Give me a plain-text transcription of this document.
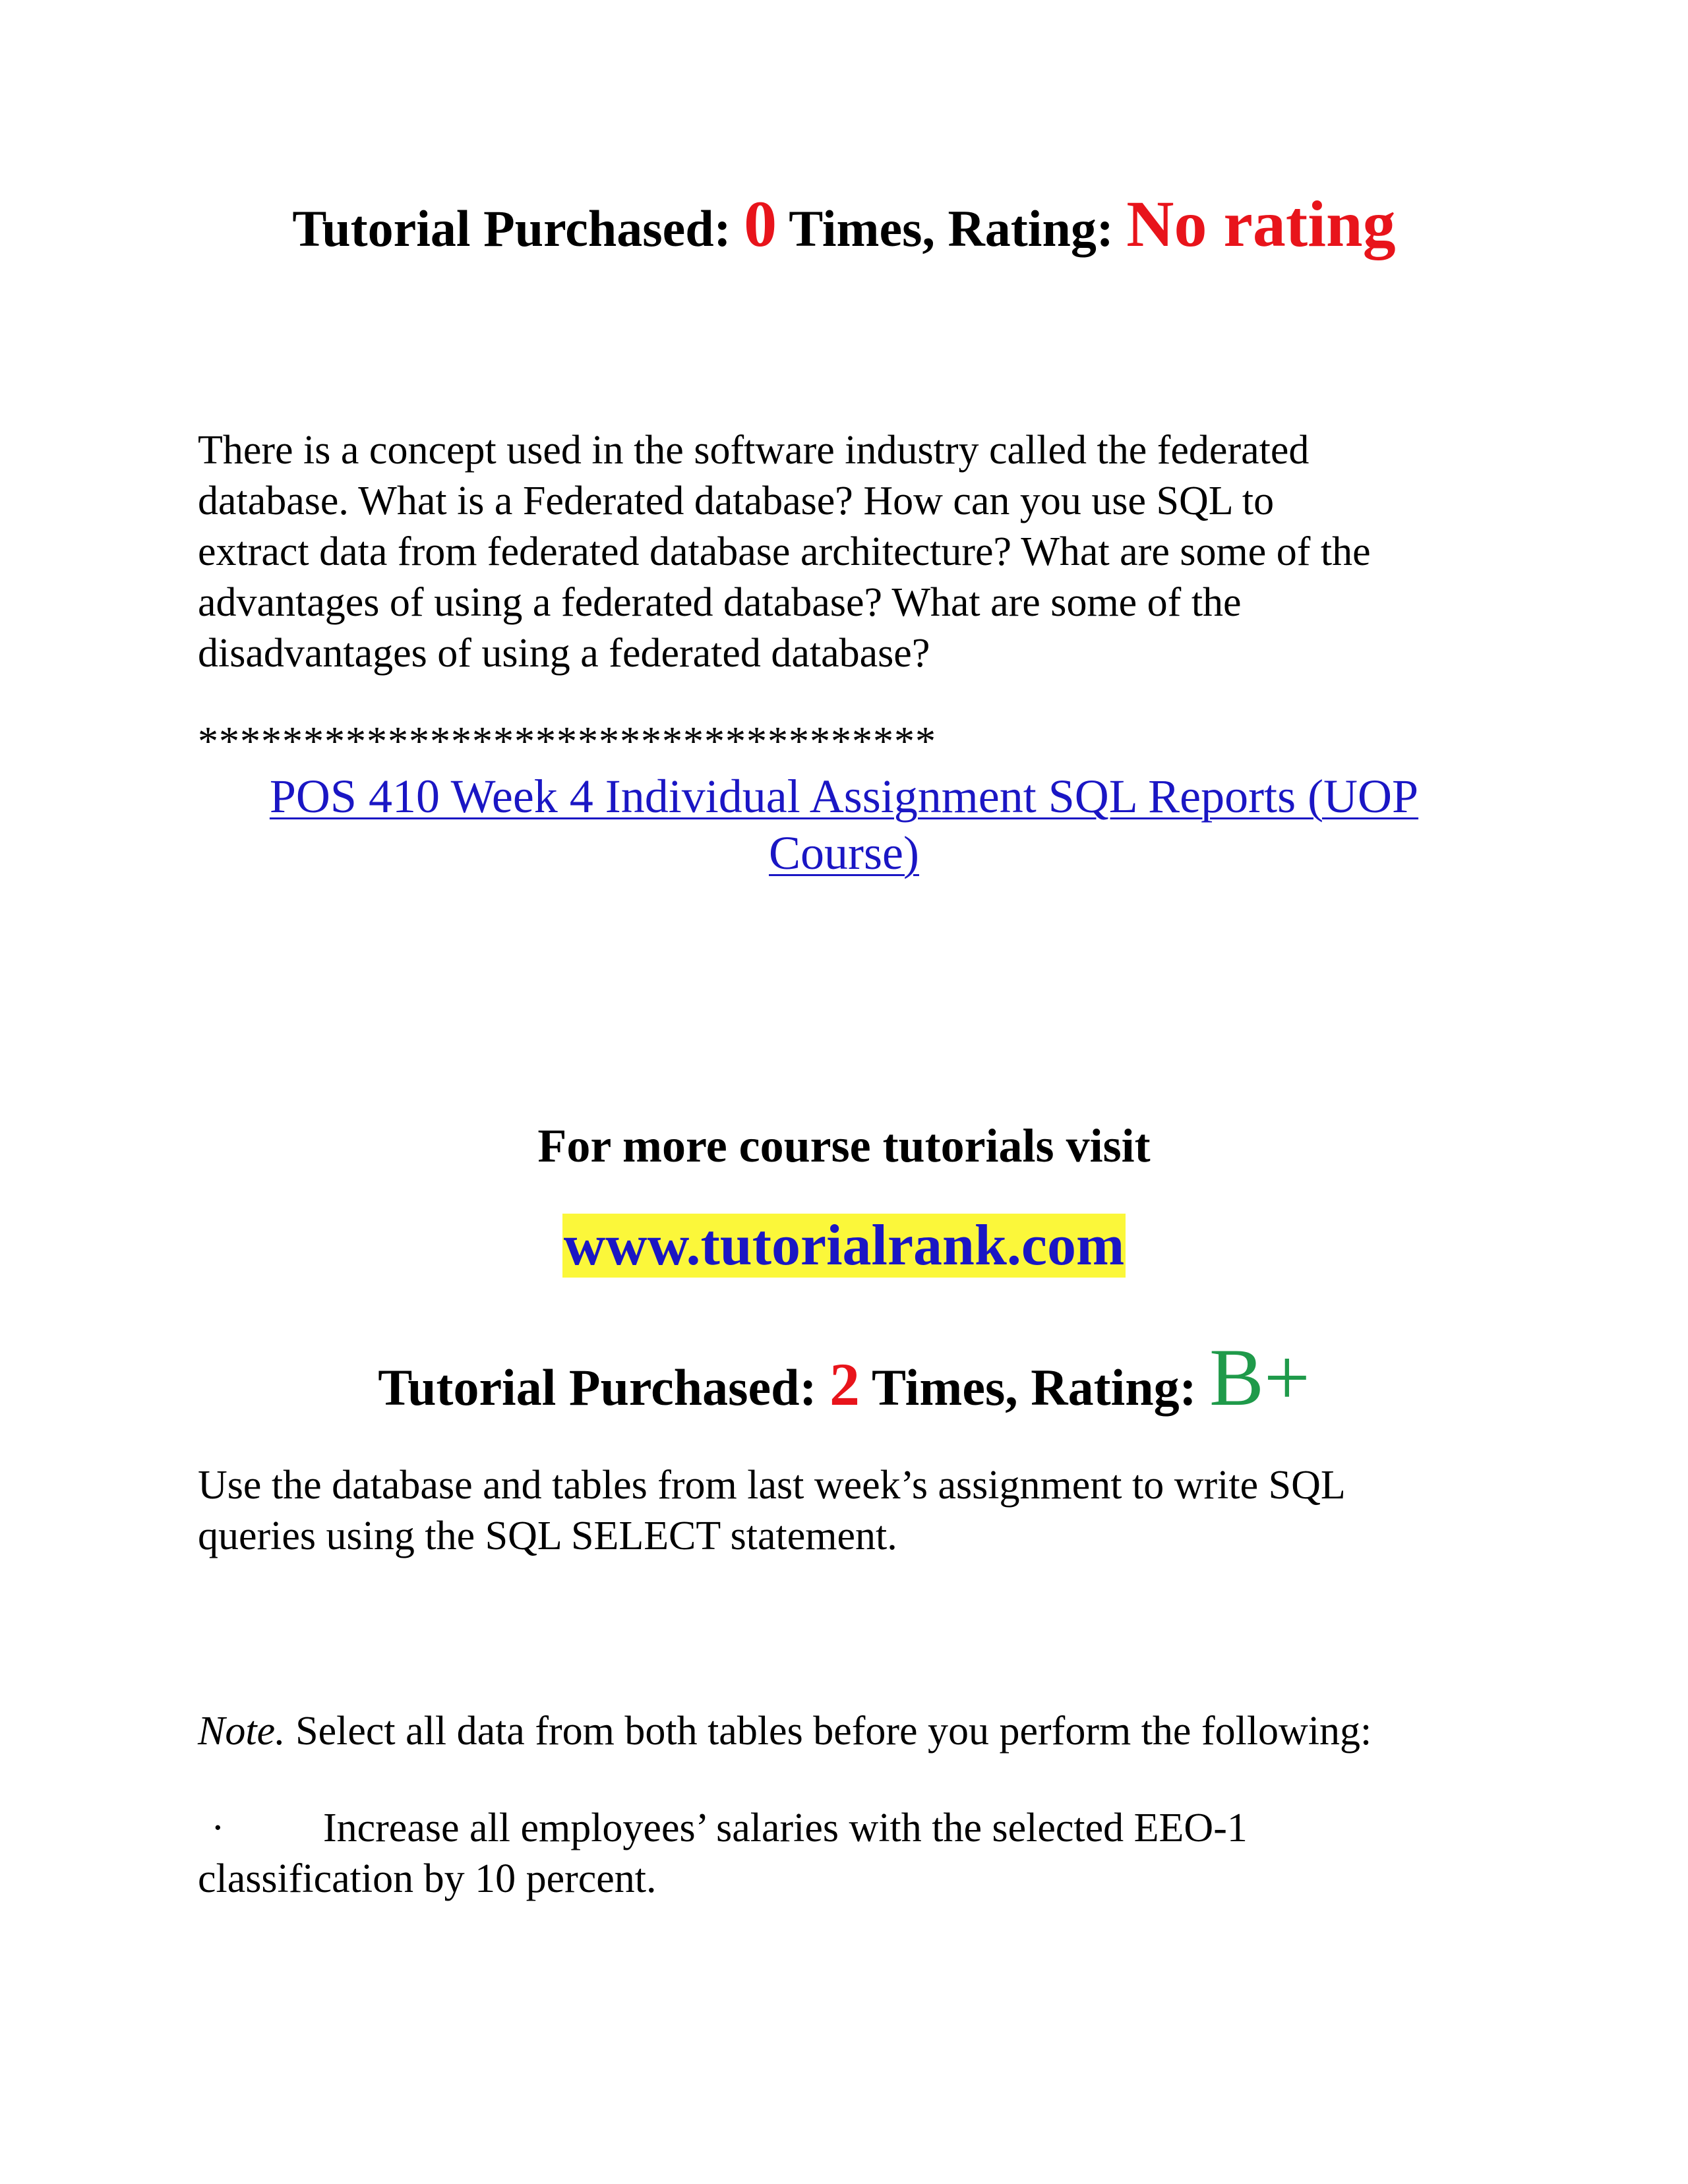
Tutorial Purchased: 0 Times, Rating: No rating
There is a concept used in the software industry called the federated
database. What is a Federated database? How can you use SQL to
extract data from federated database architecture? What are some of the
advantages of using a federated database? What are some of the
disadvantages of using a federated database?
***********************************
POS 410 Week 4 Individual Assignment SQL Reports (UOP
Course)
For more course tutorials visit
www.tutorialrank.com
Tutorial Purchased: 2 Times, Rating: B+
Use the database and tables from last week’s assignment to write SQL
queries using the SQL SELECT statement.
Note. Select all data from both tables before you perform the following:
· Increase all employees’ salaries with the selected EEO-1
classification by 10 percent.
